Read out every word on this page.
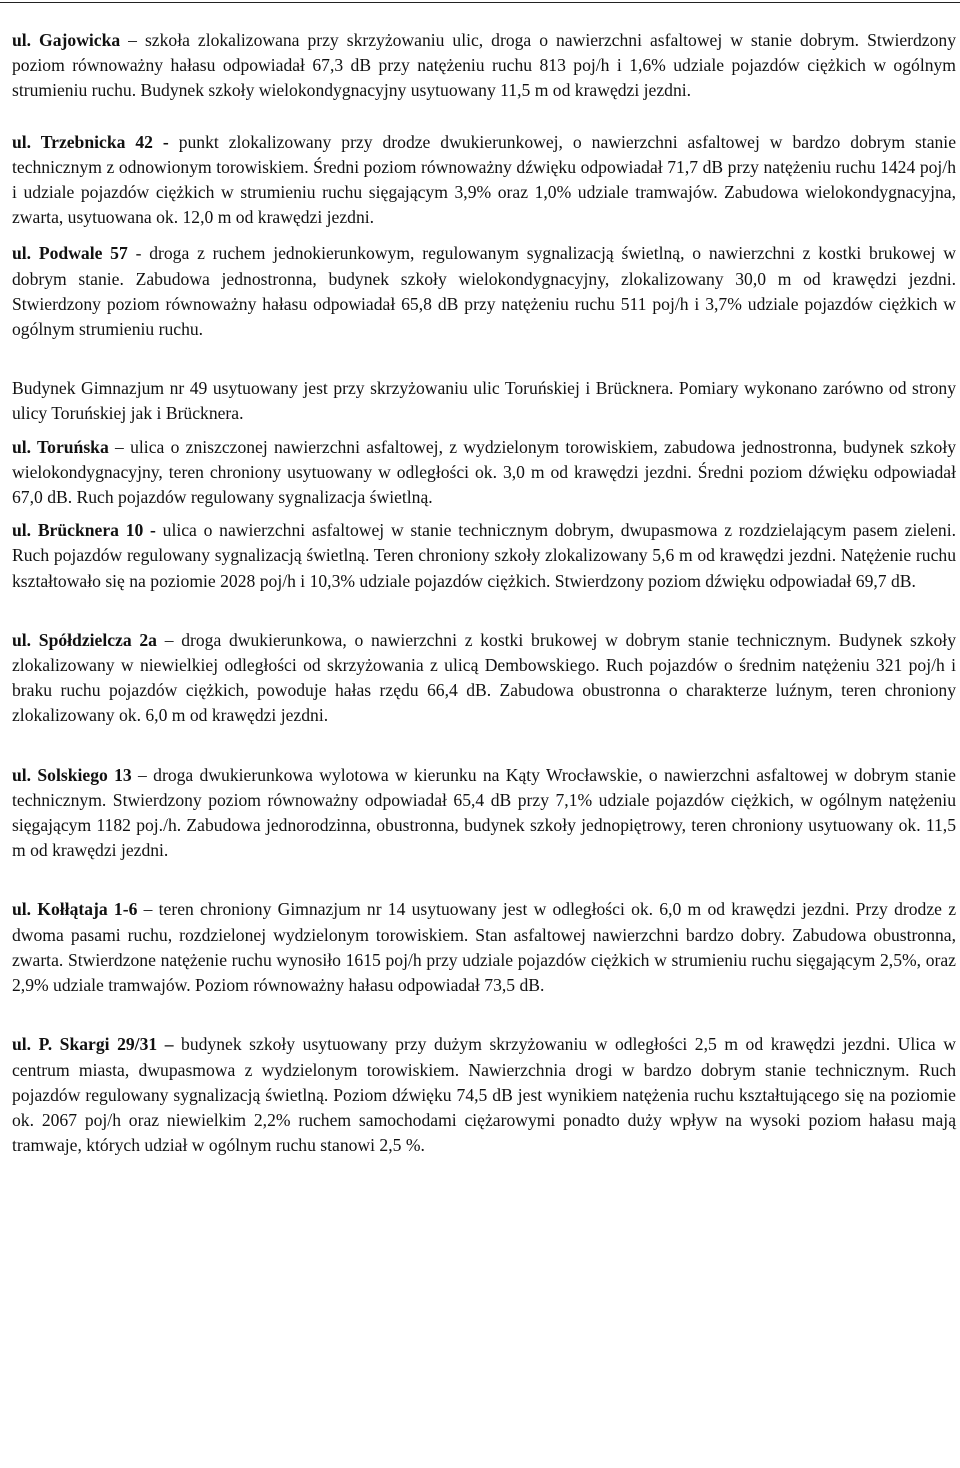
ul. Gajowicka – szkoła zlokalizowana przy skrzyżowaniu ulic, droga o nawierzchni asfaltowej w stanie dobrym. Stwierdzony poziom równoważny hałasu odpowiadał 67,3 dB przy natężeniu ruchu 813 poj/h i 1,6% udziale pojazdów ciężkich w ogólnym strumieniu ruchu. Budynek szkoły wielokondygnacyjny usytuowany 11,5 m od krawędzi jezdni.

ul. Trzebnicka 42 - punkt zlokalizowany przy drodze dwukierunkowej, o nawierzchni asfaltowej w bardzo dobrym stanie technicznym z odnowionym torowiskiem. Średni poziom równoważny dźwięku odpowiadał 71,7 dB przy natężeniu ruchu 1424 poj/h i udziale pojazdów ciężkich w strumieniu ruchu sięgającym 3,9% oraz 1,0% udziale tramwajów. Zabudowa wielokondygnacyjna, zwarta, usytuowana ok. 12,0 m od krawędzi jezdni.

ul. Podwale 57 - droga z ruchem jednokierunkowym, regulowanym sygnalizacją świetlną, o nawierzchni z kostki brukowej w dobrym stanie. Zabudowa jednostronna, budynek szkoły wielokondygnacyjny, zlokalizowany 30,0 m od krawędzi jezdni. Stwierdzony poziom równoważny hałasu odpowiadał 65,8 dB przy natężeniu ruchu 511 poj/h i 3,7% udziale pojazdów ciężkich w ogólnym strumieniu ruchu.

Budynek Gimnazjum nr 49 usytuowany jest przy skrzyżowaniu ulic Toruńskiej i Brücknera. Pomiary wykonano zarówno od strony ulicy Toruńskiej jak i Brücknera.

ul. Toruńska – ulica o zniszczonej nawierzchni asfaltowej, z wydzielonym torowiskiem, zabudowa jednostronna, budynek szkoły wielokondygnacyjny, teren chroniony usytuowany w odległości ok. 3,0 m od krawędzi jezdni. Średni poziom dźwięku odpowiadał 67,0 dB. Ruch pojazdów regulowany sygnalizacja świetlną.

ul. Brücknera 10 - ulica o nawierzchni asfaltowej w stanie technicznym dobrym, dwupasmowa z rozdzielającym pasem zieleni. Ruch pojazdów regulowany sygnalizacją świetlną. Teren chroniony szkoły zlokalizowany 5,6 m od krawędzi jezdni. Natężenie ruchu kształtowało się na poziomie 2028 poj/h i 10,3% udziale pojazdów ciężkich. Stwierdzony poziom dźwięku odpowiadał 69,7 dB.

ul. Spółdzielcza 2a – droga dwukierunkowa, o nawierzchni z kostki brukowej w dobrym stanie technicznym. Budynek szkoły zlokalizowany w niewielkiej odległości od skrzyżowania z ulicą Dembowskiego. Ruch pojazdów o średnim natężeniu 321 poj/h i braku ruchu pojazdów ciężkich, powoduje hałas rzędu 66,4 dB. Zabudowa obustronna o charakterze luźnym, teren chroniony zlokalizowany ok. 6,0 m od krawędzi jezdni.

ul. Solskiego 13 – droga dwukierunkowa wylotowa w kierunku na Kąty Wrocławskie, o nawierzchni asfaltowej w dobrym stanie technicznym. Stwierdzony poziom równoważny odpowiadał 65,4 dB przy 7,1% udziale pojazdów ciężkich, w ogólnym natężeniu sięgającym 1182 poj./h. Zabudowa jednorodzinna, obustronna, budynek szkoły jednopiętrowy, teren chroniony usytuowany ok. 11,5 m od krawędzi jezdni.

ul. Kołłątaja 1-6 – teren chroniony Gimnazjum nr 14 usytuowany jest w odległości ok. 6,0 m od krawędzi jezdni. Przy drodze z dwoma pasami ruchu, rozdzielonej wydzielonym torowiskiem. Stan asfaltowej nawierzchni bardzo dobry. Zabudowa obustronna, zwarta. Stwierdzone natężenie ruchu wynosiło 1615 poj/h przy udziale pojazdów ciężkich w strumieniu ruchu sięgającym 2,5%, oraz 2,9% udziale tramwajów. Poziom równoważny hałasu odpowiadał 73,5 dB.

ul. P. Skargi 29/31 – budynek szkoły usytuowany przy dużym skrzyżowaniu w odległości 2,5 m od krawędzi jezdni. Ulica w centrum miasta, dwupasmowa z wydzielonym torowiskiem. Nawierzchnia drogi w bardzo dobrym stanie technicznym. Ruch pojazdów regulowany sygnalizacją świetlną. Poziom dźwięku 74,5 dB jest wynikiem natężenia ruchu kształtującego się na poziomie ok. 2067 poj/h oraz niewielkim 2,2% ruchem samochodami ciężarowymi ponadto duży wpływ na wysoki poziom hałasu mają tramwaje, których udział w ogólnym ruchu stanowi 2,5 %.
